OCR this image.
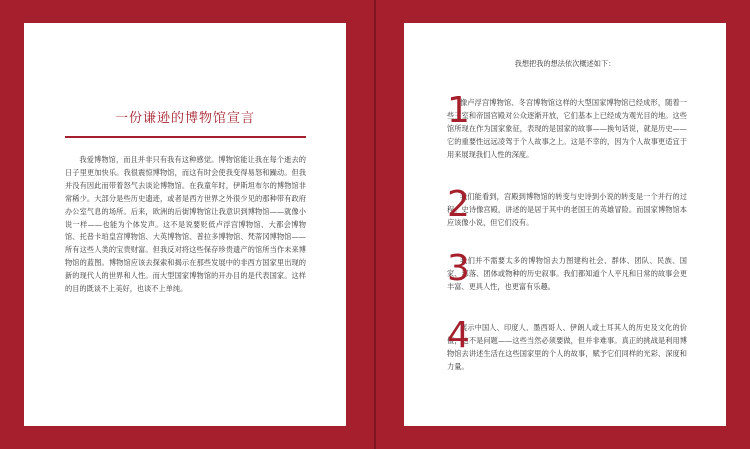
一份谦逊的博物馆宣言
我爱博物馆，而且并非只有我有这种感觉。博物馆能让我在每个逝去的日子里更加快乐。我很震惊博物馆，而这有时会使我变得易怒和躁动。但我并没有因此而带着怒气去谈论博物馆。在我童年时，伊斯坦布尔的博物馆非常稀少。大部分是些历史遗迹，或者是西方世界之外很少见的那种带有政府办公室气息的场所。后来，欧洲的后街博物馆让我意识到博物馆——就像小说一样——也能为个体发声。这不是说要贬低卢浮宫博物馆、大都会博物馆、托普卡珀皇宫博物馆、大英博物馆、普拉多博物馆、梵蒂冈博物馆——所有这些人类的宝贵财富。但我反对将这些保存珍贵遗产的馆所当作未来博物馆的蓝图。博物馆应该去探索和揭示在那些发展中的非西方国家里出现的新的现代人的世界和人性。而大型国家博物馆的开办目的是代表国家。这样的目的既谈不上美好，也谈不上单纯。
我想把我的想法依次概述如下：
1
像卢浮宫博物馆、冬宫博物馆这样的大型国家博物馆已经成形，随着一些王室和帝国宫殿对公众逐渐开放，它们基本上已经成为观光目的地。这些馆所现在作为国家象征，表现的是国家的故事——换句话说，就是历史——它的重要性远远凌驾于个人故事之上。这是不幸的，因为个人故事更适宜于用来展现我们人性的深度。
2
我们能看到，宫殿到博物馆的转变与史诗到小说的转变是一个并行的过程。史诗像宫殿，讲述的是居于其中的老国王的英雄冒险。而国家博物馆本应该像小说，但它们没有。
3
我们并不需要太多的博物馆去力图建构社会、群体、团队、民族、国家、部落、团体或物种的历史叙事。我们都知道个人平凡和日常的故事会更丰富、更具人性，也更富有乐趣。
4
展示中国人、印度人、墨西哥人、伊朗人或土耳其人的历史及文化的价值，这不是问题——这些当然必须要做，但并非难事。真正的挑战是利用博物馆去讲述生活在这些国家里的个人的故事，赋予它们同样的光彩、深度和力量。
